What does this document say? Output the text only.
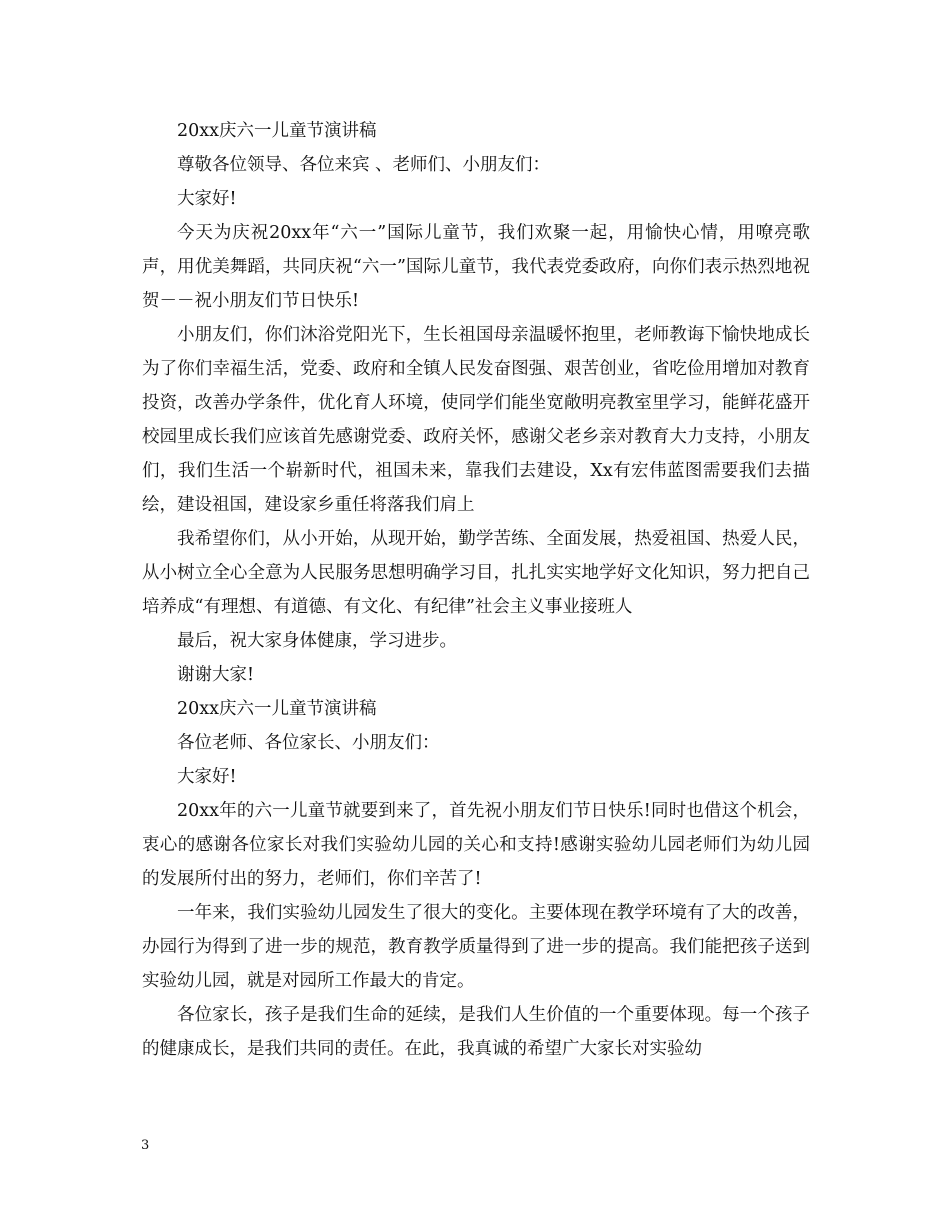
20xx庆六一儿童节演讲稿

尊敬各位领导、各位来宾 、老师们、小朋友们：

大家好!

今天为庆祝20xx年“六一”国际儿童节，我们欢聚一起，用愉快心情，用嘹亮歌声，用优美舞蹈，共同庆祝“六一”国际儿童节，我代表党委政府，向你们表示热烈地祝贺－－祝小朋友们节日快乐!

小朋友们，你们沐浴党阳光下，生长祖国母亲温暖怀抱里，老师教诲下愉快地成长为了你们幸福生活，党委、政府和全镇人民发奋图强、艰苦创业，省吃俭用增加对教育投资，改善办学条件，优化育人环境，使同学们能坐宽敞明亮教室里学习，能鲜花盛开校园里成长我们应该首先感谢党委、政府关怀，感谢父老乡亲对教育大力支持，小朋友们，我们生活一个崭新时代，祖国未来，靠我们去建设，Xx有宏伟蓝图需要我们去描绘，建设祖国，建设家乡重任将落我们肩上

我希望你们，从小开始，从现开始，勤学苦练、全面发展，热爱祖国、热爱人民，从小树立全心全意为人民服务思想明确学习目，扎扎实实地学好文化知识，努力把自己培养成“有理想、有道德、有文化、有纪律”社会主义事业接班人

最后，祝大家身体健康，学习进步。

谢谢大家!

20xx庆六一儿童节演讲稿

各位老师、各位家长、小朋友们：

大家好!

20xx年的六一儿童节就要到来了，首先祝小朋友们节日快乐!同时也借这个机会，衷心的感谢各位家长对我们实验幼儿园的关心和支持!感谢实验幼儿园老师们为幼儿园的发展所付出的努力，老师们，你们辛苦了!

一年来，我们实验幼儿园发生了很大的变化。主要体现在教学环境有了大的改善，办园行为得到了进一步的规范，教育教学质量得到了进一步的提高。我们能把孩子送到实验幼儿园，就是对园所工作最大的肯定。

各位家长，孩子是我们生命的延续，是我们人生价值的一个重要体现。每一个孩子的健康成长，是我们共同的责任。在此，我真诚的希望广大家长对实验幼

3
